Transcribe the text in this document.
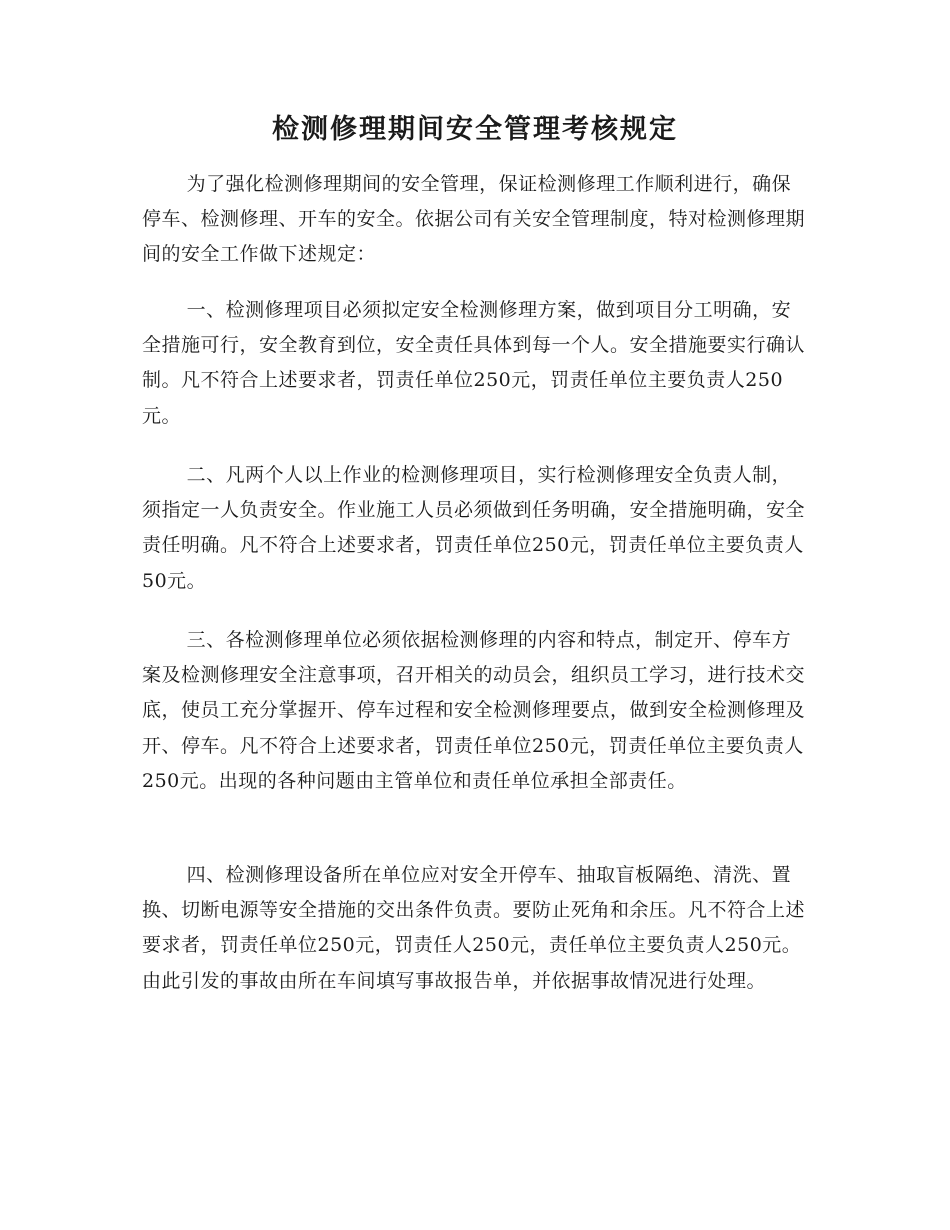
检测修理期间安全管理考核规定

为了强化检测修理期间的安全管理，保证检测修理工作顺利进行，确保停车、检测修理、开车的安全。依据公司有关安全管理制度，特对检测修理期间的安全工作做下述规定：

一、检测修理项目必须拟定安全检测修理方案，做到项目分工明确，安全措施可行，安全教育到位，安全责任具体到每一个人。安全措施要实行确认制。凡不符合上述要求者，罚责任单位250元，罚责任单位主要负责人250元。

二、凡两个人以上作业的检测修理项目，实行检测修理安全负责人制，须指定一人负责安全。作业施工人员必须做到任务明确，安全措施明确，安全责任明确。凡不符合上述要求者，罚责任单位250元，罚责任单位主要负责人50元。

三、各检测修理单位必须依据检测修理的内容和特点，制定开、停车方案及检测修理安全注意事项，召开相关的动员会，组织员工学习，进行技术交底，使员工充分掌握开、停车过程和安全检测修理要点，做到安全检测修理及开、停车。凡不符合上述要求者，罚责任单位250元，罚责任单位主要负责人250元。出现的各种问题由主管单位和责任单位承担全部责任。

四、检测修理设备所在单位应对安全开停车、抽取盲板隔绝、清洗、置换、切断电源等安全措施的交出条件负责。要防止死角和余压。凡不符合上述要求者，罚责任单位250元，罚责任人250元，责任单位主要负责人250元。由此引发的事故由所在车间填写事故报告单，并依据事故情况进行处理。
